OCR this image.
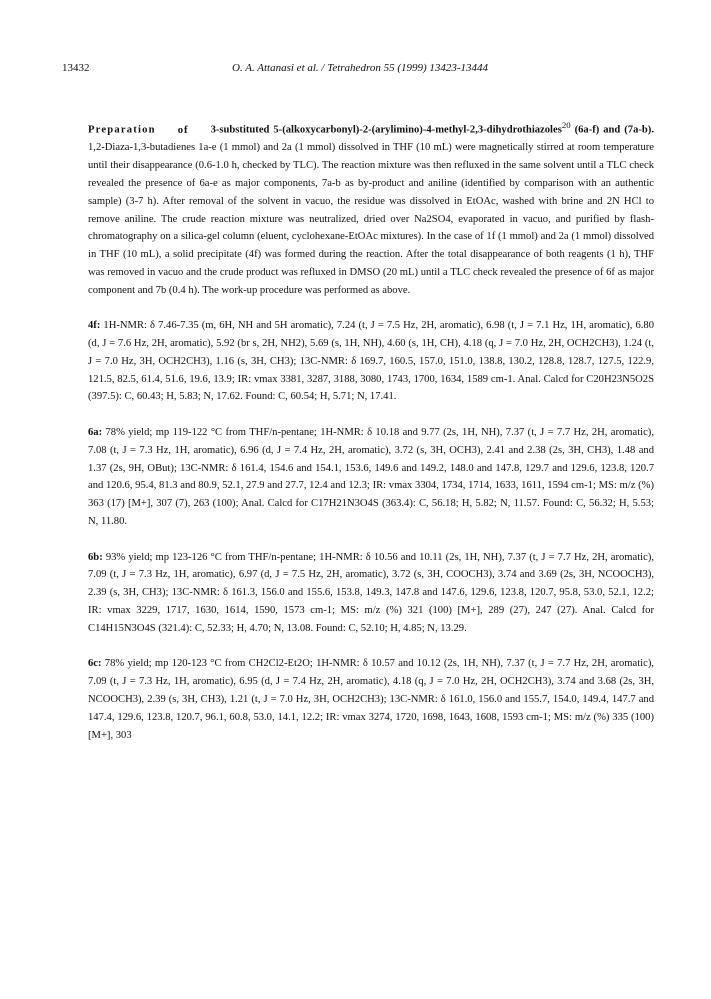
13432	O. A. Attanasi et al. / Tetrahedron 55 (1999) 13423-13444

Preparation of 3-substituted 5-(alkoxycarbonyl)-2-(arylimino)-4-methyl-2,3-dihydrothiazoles$^{20}$ (6a-f) and (7a-b). 1,2-Diaza-1,3-butadienes 1a-e (1 mmol) and 2a (1 mmol) dissolved in THF (10 mL) were magnetically stirred at room temperature until their disappearance (0.6-1.0 h, checked by TLC). The reaction mixture was then refluxed in the same solvent until a TLC check revealed the presence of 6a-e as major components, 7a-b as by-product and aniline (identified by comparison with an authentic sample) (3-7 h). After removal of the solvent in vacuo, the residue was dissolved in EtOAc, washed with brine and 2N HCl to remove aniline. The crude reaction mixture was neutralized, dried over Na2SO4, evaporated in vacuo, and purified by flash-chromatography on a silica-gel column (eluent, cyclohexane-EtOAc mixtures). In the case of 1f (1 mmol) and 2a (1 mmol) dissolved in THF (10 mL), a solid precipitate (4f) was formed during the reaction. After the total disappearance of both reagents (1 h), THF was removed in vacuo and the crude product was refluxed in DMSO (20 mL) until a TLC check revealed the presence of 6f as major component and 7b (0.4 h). The work-up procedure was performed as above.

4f: 1H-NMR: δ 7.46-7.35 (m, 6H, NH and 5H aromatic), 7.24 (t, J = 7.5 Hz, 2H, aromatic), 6.98 (t, J = 7.1 Hz, 1H, aromatic), 6.80 (d, J = 7.6 Hz, 2H, aromatic), 5.92 (br s, 2H, NH2), 5.69 (s, 1H, NH), 4.60 (s, 1H, CH), 4.18 (q, J = 7.0 Hz, 2H, OCH2CH3), 1.24 (t, J = 7.0 Hz, 3H, OCH2CH3), 1.16 (s, 3H, CH3); 13C-NMR: δ 169.7, 160.5, 157.0, 151.0, 138.8, 130.2, 128.8, 128.7, 127.5, 122.9, 121.5, 82.5, 61.4, 51.6, 19.6, 13.9; IR: vmax 3381, 3287, 3188, 3080, 1743, 1700, 1634, 1589 cm-1. Anal. Calcd for C20H23N5O2S (397.5): C, 60.43; H, 5.83; N, 17.62. Found: C, 60.54; H, 5.71; N, 17.41.

6a: 78% yield; mp 119-122 °C from THF/n-pentane; 1H-NMR: δ 10.18 and 9.77 (2s, 1H, NH), 7.37 (t, J = 7.7 Hz, 2H, aromatic), 7.08 (t, J = 7.3 Hz, 1H, aromatic), 6.96 (d, J = 7.4 Hz, 2H, aromatic), 3.72 (s, 3H, OCH3), 2.41 and 2.38 (2s, 3H, CH3), 1.48 and 1.37 (2s, 9H, OBut); 13C-NMR: δ 161.4, 154.6 and 154.1, 153.6, 149.6 and 149.2, 148.0 and 147.8, 129.7 and 129.6, 123.8, 120.7 and 120.6, 95.4, 81.3 and 80.9, 52.1, 27.9 and 27.7, 12.4 and 12.3; IR: vmax 3304, 1734, 1714, 1633, 1611, 1594 cm-1; MS: m/z (%) 363 (17) [M+], 307 (7), 263 (100); Anal. Calcd for C17H21N3O4S (363.4): C, 56.18; H, 5.82; N, 11.57. Found: C, 56.32; H, 5.53; N, 11.80.

6b: 93% yield; mp 123-126 °C from THF/n-pentane; 1H-NMR: δ 10.56 and 10.11 (2s, 1H, NH), 7.37 (t, J = 7.7 Hz, 2H, aromatic), 7.09 (t, J = 7.3 Hz, 1H, aromatic), 6.97 (d, J = 7.5 Hz, 2H, aromatic), 3.72 (s, 3H, COOCH3), 3.74 and 3.69 (2s, 3H, NCOOCH3), 2.39 (s, 3H, CH3); 13C-NMR: δ 161.3, 156.0 and 155.6, 153.8, 149.3, 147.8 and 147.6, 129.6, 123.8, 120.7, 95.8, 53.0, 52.1, 12.2; IR: vmax 3229, 1717, 1630, 1614, 1590, 1573 cm-1; MS: m/z (%) 321 (100) [M+], 289 (27), 247 (27). Anal. Calcd for C14H15N3O4S (321.4): C, 52.33; H, 4.70; N, 13.08. Found: C, 52.10; H, 4.85; N, 13.29.

6c: 78% yield; mp 120-123 °C from CH2Cl2-Et2O; 1H-NMR: δ 10.57 and 10.12 (2s, 1H, NH), 7.37 (t, J = 7.7 Hz, 2H, aromatic), 7.09 (t, J = 7.3 Hz, 1H, aromatic), 6.95 (d, J = 7.4 Hz, 2H, aromatic), 4.18 (q, J = 7.0 Hz, 2H, OCH2CH3), 3.74 and 3.68 (2s, 3H, NCOOCH3), 2.39 (s, 3H, CH3), 1.21 (t, J = 7.0 Hz, 3H, OCH2CH3); 13C-NMR: δ 161.0, 156.0 and 155.7, 154.0, 149.4, 147.7 and 147.4, 129.6, 123.8, 120.7, 96.1, 60.8, 53.0, 14.1, 12.2; IR: vmax 3274, 1720, 1698, 1643, 1608, 1593 cm-1; MS: m/z (%) 335 (100) [M+], 303
